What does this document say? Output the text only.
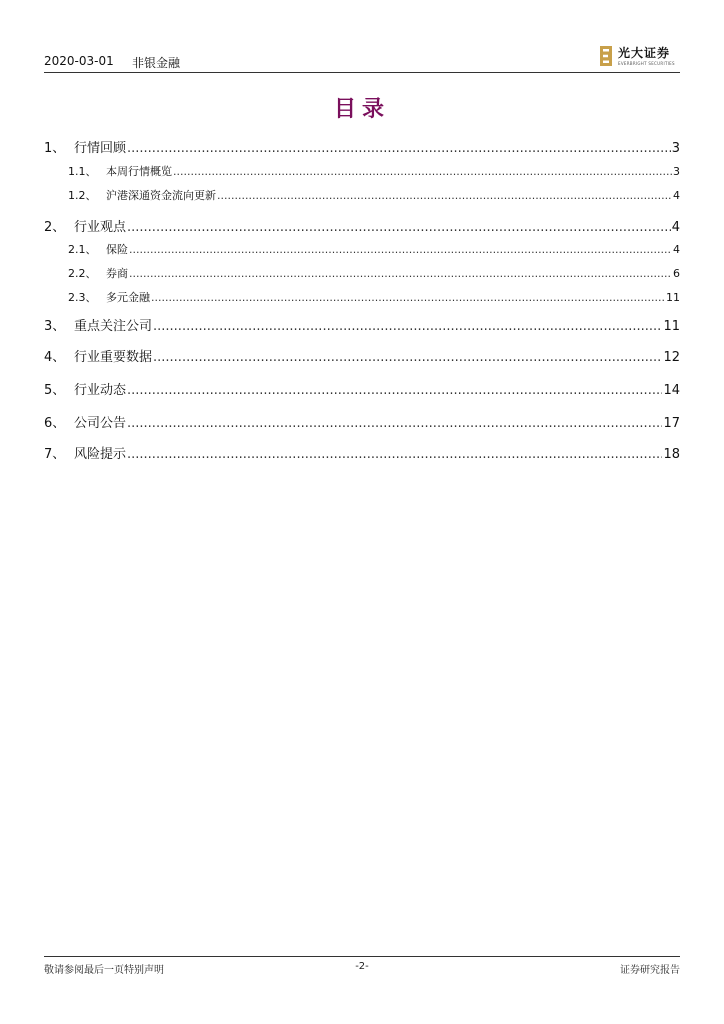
2020-03-01 非银金融
光大证券
EVERBRIGHT SECURITIES
目录
1、 行情回顾 .....	3
1.1、 本周行情概览 .....	3
1.2、 沪港深通资金流向更新 .....	4
2、 行业观点 .....	4
2.1、 保险 .....	4
2.2、 券商 .....	6
2.3、 多元金融 .....	11
3、 重点关注公司 .....	11
4、 行业重要数据 .....	12
5、 行业动态 .....	14
6、 公司公告 .....	17
7、 风险提示 .....	18
敬请参阅最后一页特别声明	-2-	证券研究报告
